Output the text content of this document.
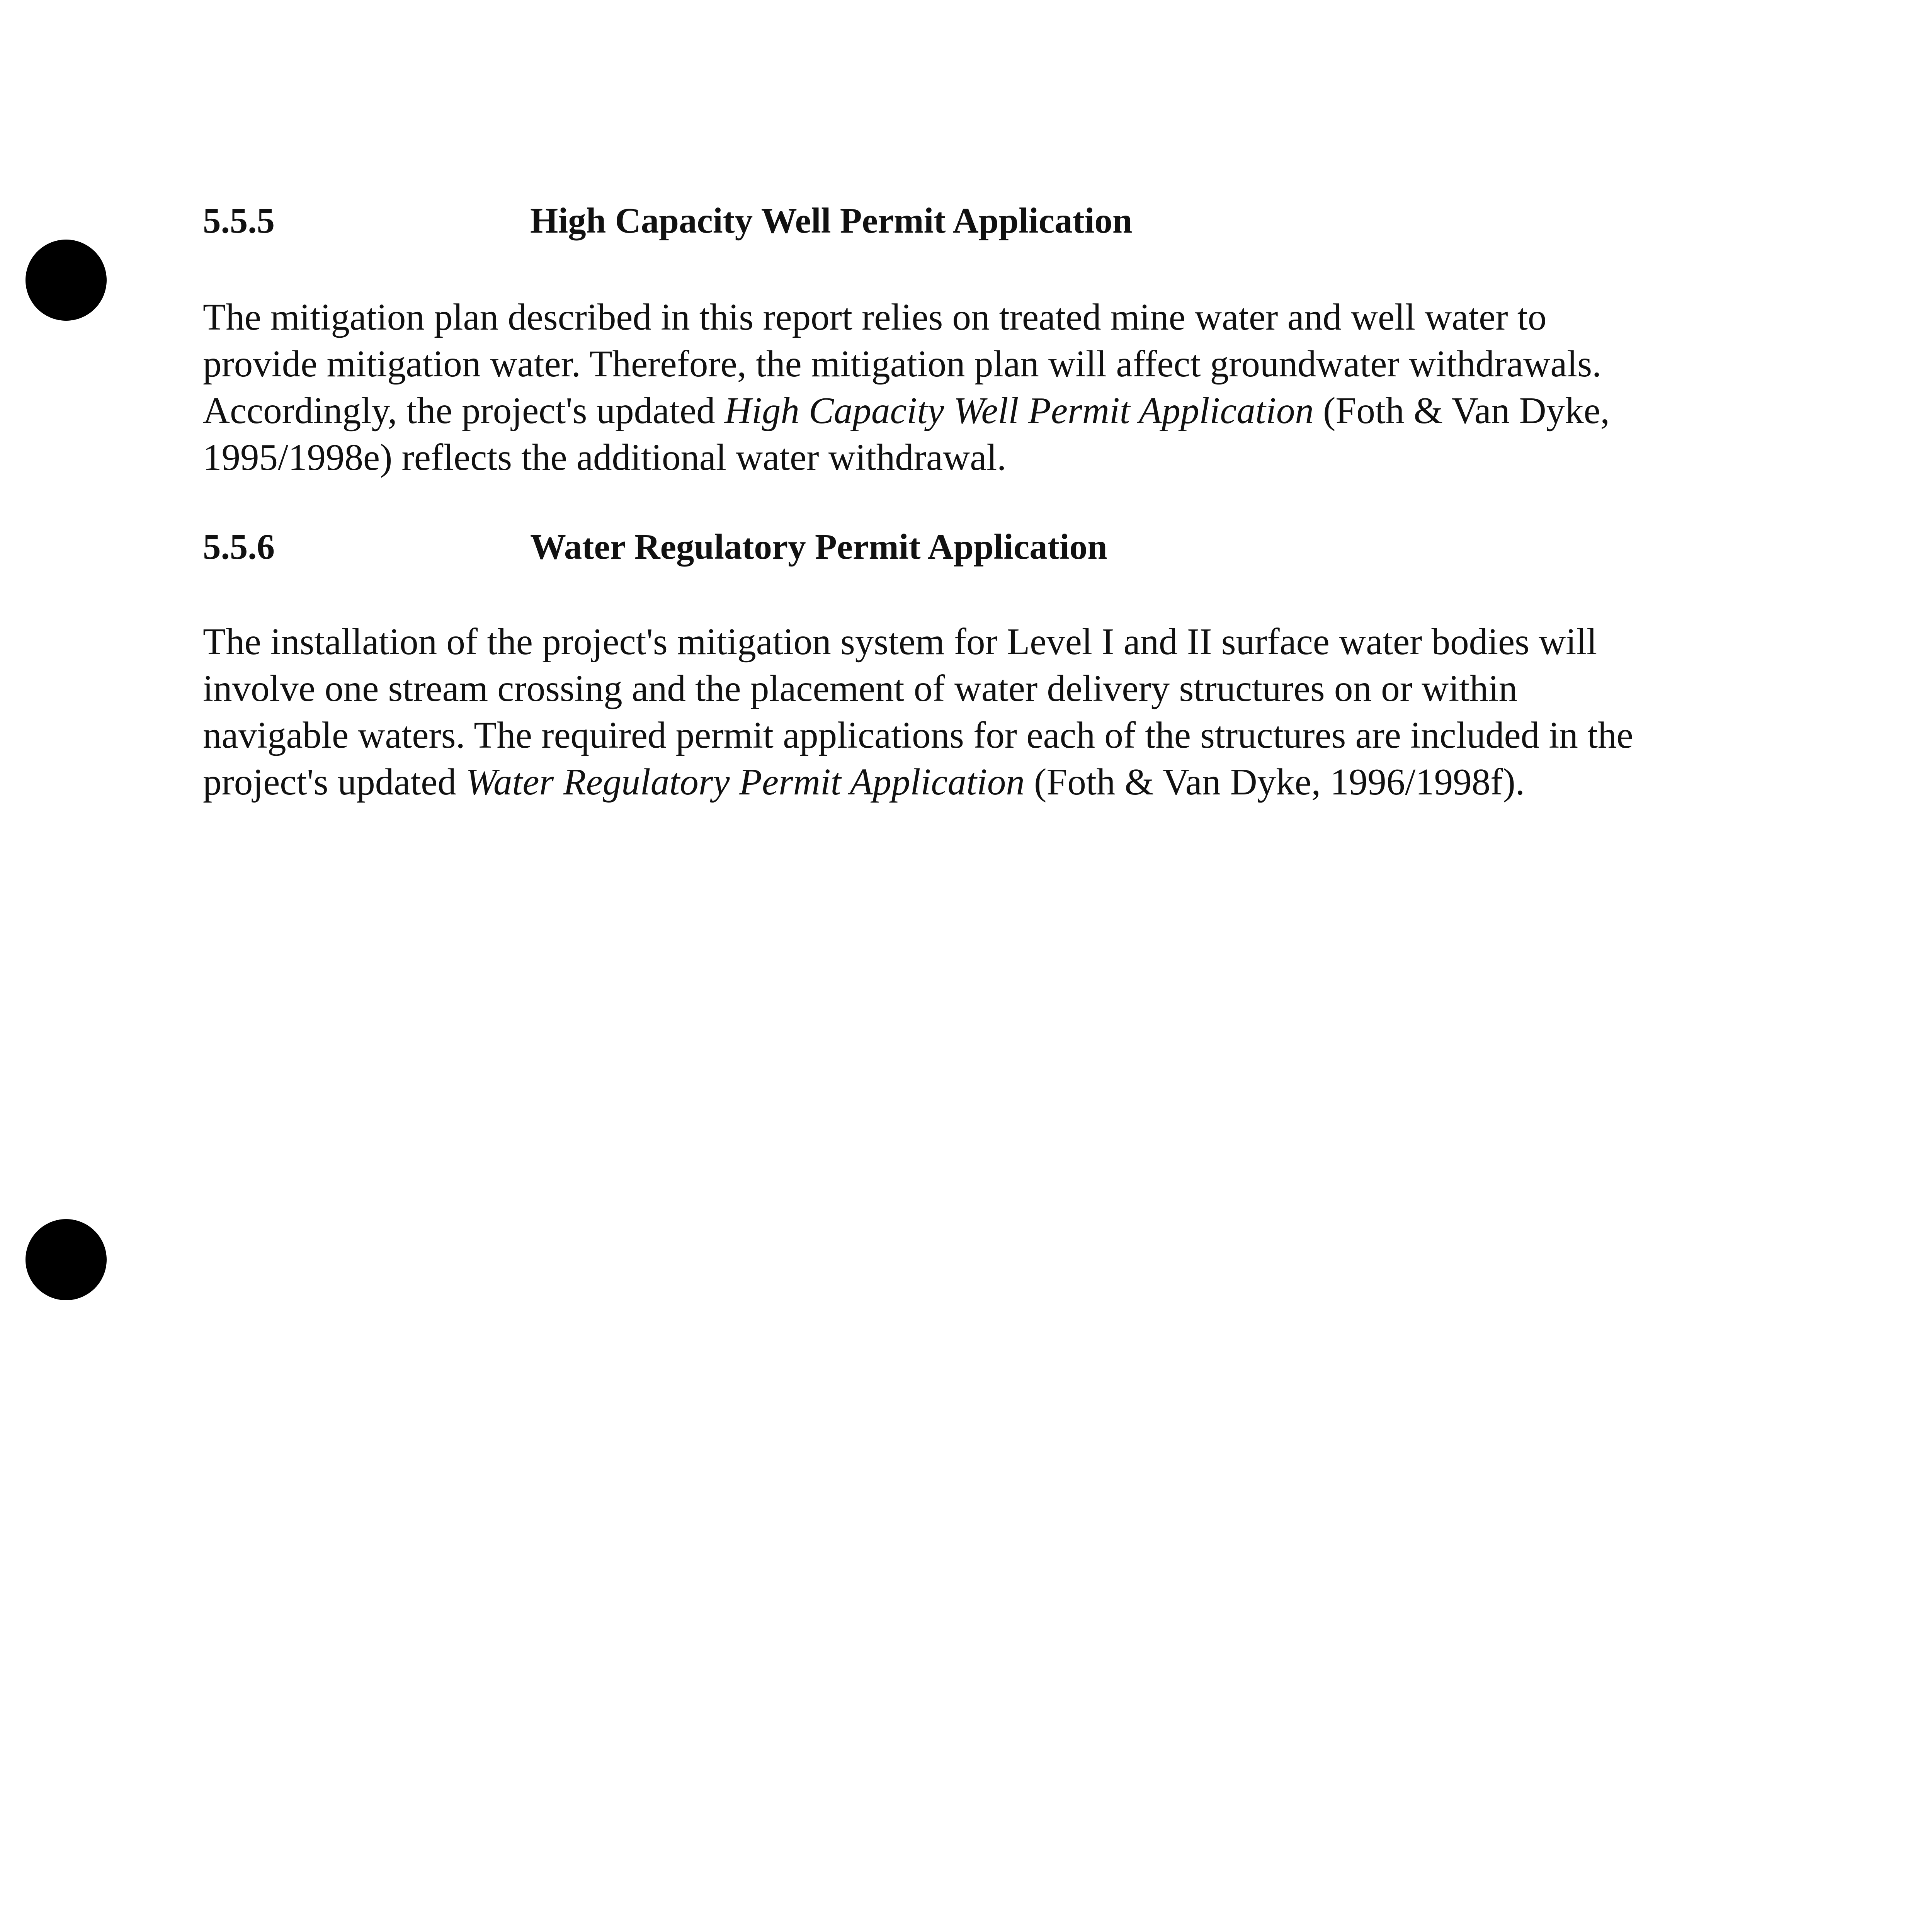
5.5.5	High Capacity Well Permit Application

The mitigation plan described in this report relies on treated mine water and well water to
provide mitigation water. Therefore, the mitigation plan will affect groundwater withdrawals.
Accordingly, the project's updated High Capacity Well Permit Application (Foth & Van Dyke,
1995/1998e) reflects the additional water withdrawal.

5.5.6	Water Regulatory Permit Application

The installation of the project's mitigation system for Level I and II surface water bodies will
involve one stream crossing and the placement of water delivery structures on or within
navigable waters. The required permit applications for each of the structures are included in the
project's updated Water Regulatory Permit Application (Foth & Van Dyke, 1996/1998f).
